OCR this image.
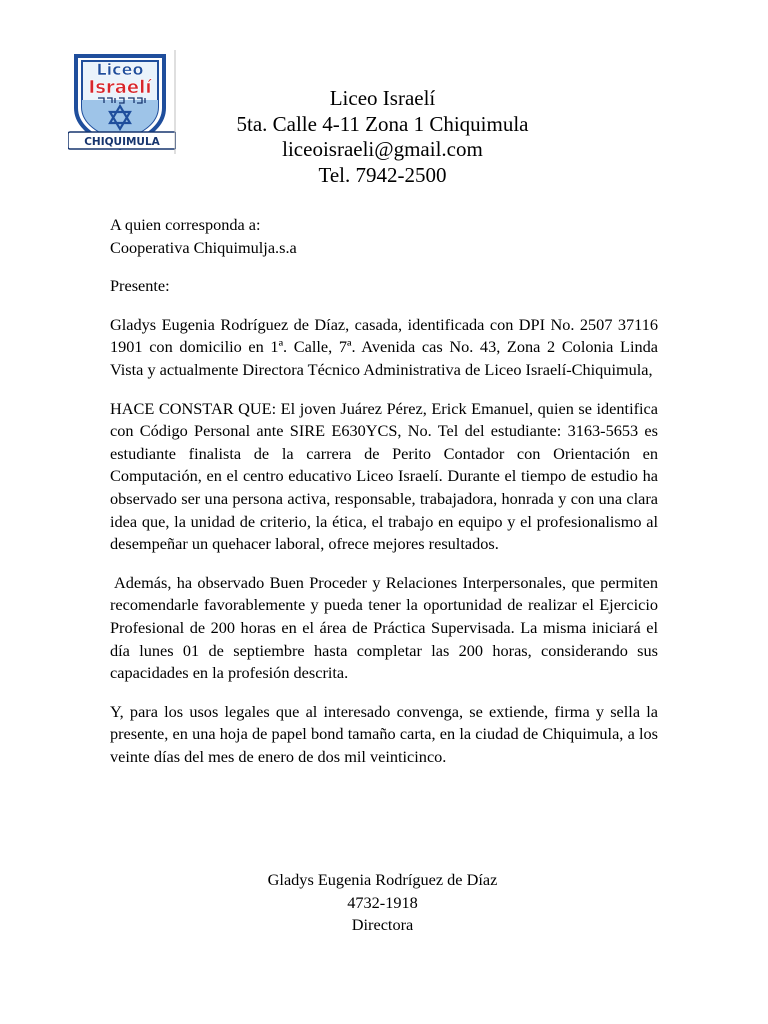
Liceo
Israelí
CHIQUIMULA
Liceo Israelí
5ta. Calle 4-11 Zona 1 Chiquimula
liceoisraeli@gmail.com
Tel. 7942-2500
A quien corresponda a:
Cooperativa Chiquimulja.s.a
Presente:
Gladys Eugenia Rodríguez de Díaz, casada, identificada con DPI No. 2507 37116 1901 con domicilio en 1ª. Calle, 7ª. Avenida cas No. 43, Zona 2 Colonia Linda Vista y actualmente Directora Técnico Administrativa de Liceo Israelí-Chiquimula,
HACE CONSTAR QUE: El joven Juárez Pérez, Erick Emanuel, quien se identifica con Código Personal ante SIRE E630YCS, No. Tel del estudiante: 3163-5653 es estudiante finalista de la carrera de Perito Contador con Orientación en Computación, en el centro educativo Liceo Israelí. Durante el tiempo de estudio ha observado ser una persona activa, responsable, trabajadora, honrada y con una clara idea que, la unidad de criterio, la ética, el trabajo en equipo y el profesionalismo al desempeñar un quehacer laboral, ofrece mejores resultados.
Además, ha observado Buen Proceder y Relaciones Interpersonales, que permiten recomendarle favorablemente y pueda tener la oportunidad de realizar el Ejercicio Profesional de 200 horas en el área de Práctica Supervisada. La misma iniciará el día lunes 01 de septiembre hasta completar las 200 horas, considerando sus capacidades en la profesión descrita.
Y, para los usos legales que al interesado convenga, se extiende, firma y sella la presente, en una hoja de papel bond tamaño carta, en la ciudad de Chiquimula, a los veinte días del mes de enero de dos mil veinticinco.
Gladys Eugenia Rodríguez de Díaz
4732-1918
Directora
